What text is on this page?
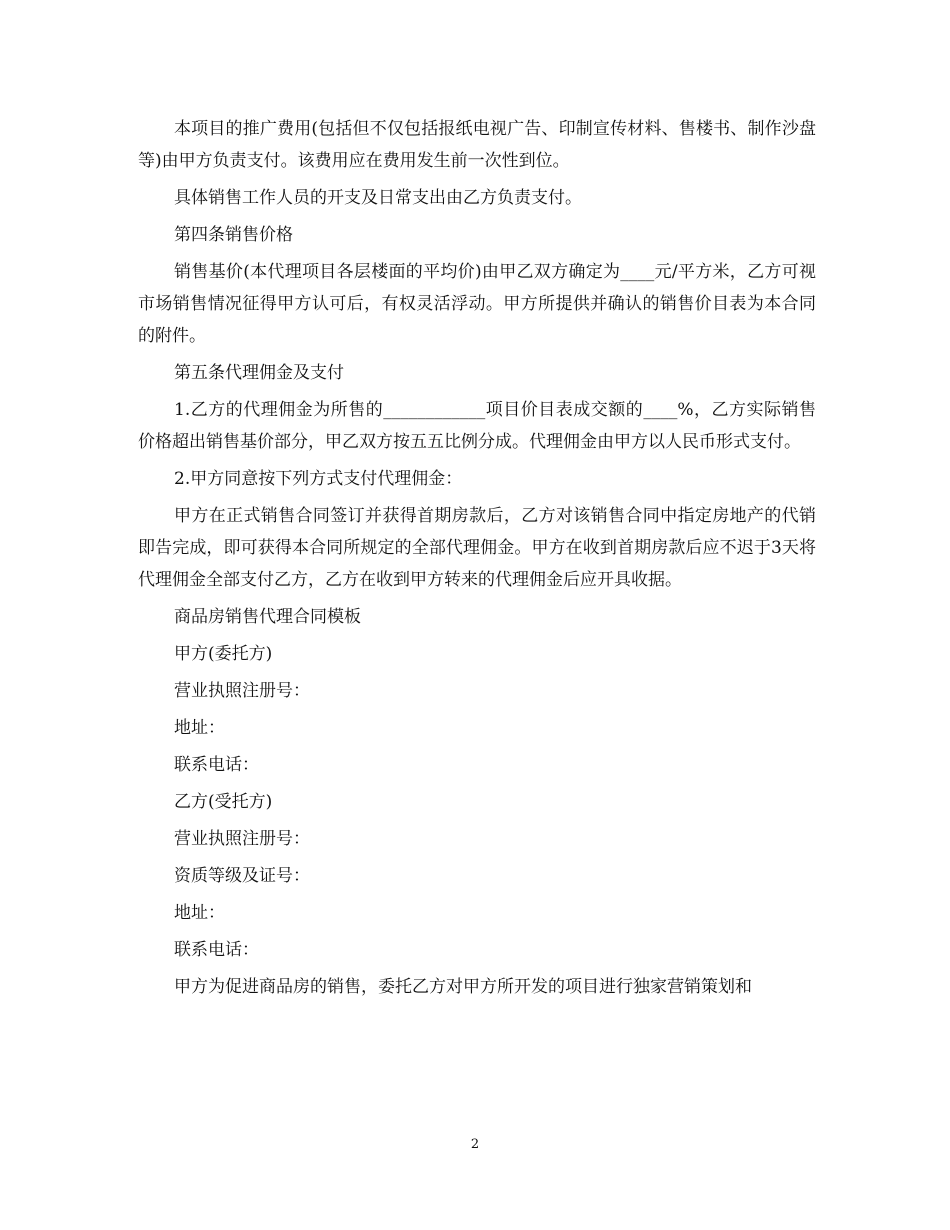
本项目的推广费用(包括但不仅包括报纸电视广告、印制宣传材料、售楼书、制作沙盘等)由甲方负责支付。该费用应在费用发生前一次性到位。

具体销售工作人员的开支及日常支出由乙方负责支付。

第四条销售价格

销售基价(本代理项目各层楼面的平均价)由甲乙双方确定为____元/平方米，乙方可视市场销售情况征得甲方认可后，有权灵活浮动。甲方所提供并确认的销售价目表为本合同的附件。

第五条代理佣金及支付

1.乙方的代理佣金为所售的____________项目价目表成交额的____%，乙方实际销售价格超出销售基价部分，甲乙双方按五五比例分成。代理佣金由甲方以人民币形式支付。

2.甲方同意按下列方式支付代理佣金：

甲方在正式销售合同签订并获得首期房款后，乙方对该销售合同中指定房地产的代销即告完成，即可获得本合同所规定的全部代理佣金。甲方在收到首期房款后应不迟于3天将代理佣金全部支付乙方，乙方在收到甲方转来的代理佣金后应开具收据。

商品房销售代理合同模板

甲方(委托方)

营业执照注册号：

地址：

联系电话：

乙方(受托方)

营业执照注册号：

资质等级及证号：

地址：

联系电话：

甲方为促进商品房的销售，委托乙方对甲方所开发的项目进行独家营销策划和

2
